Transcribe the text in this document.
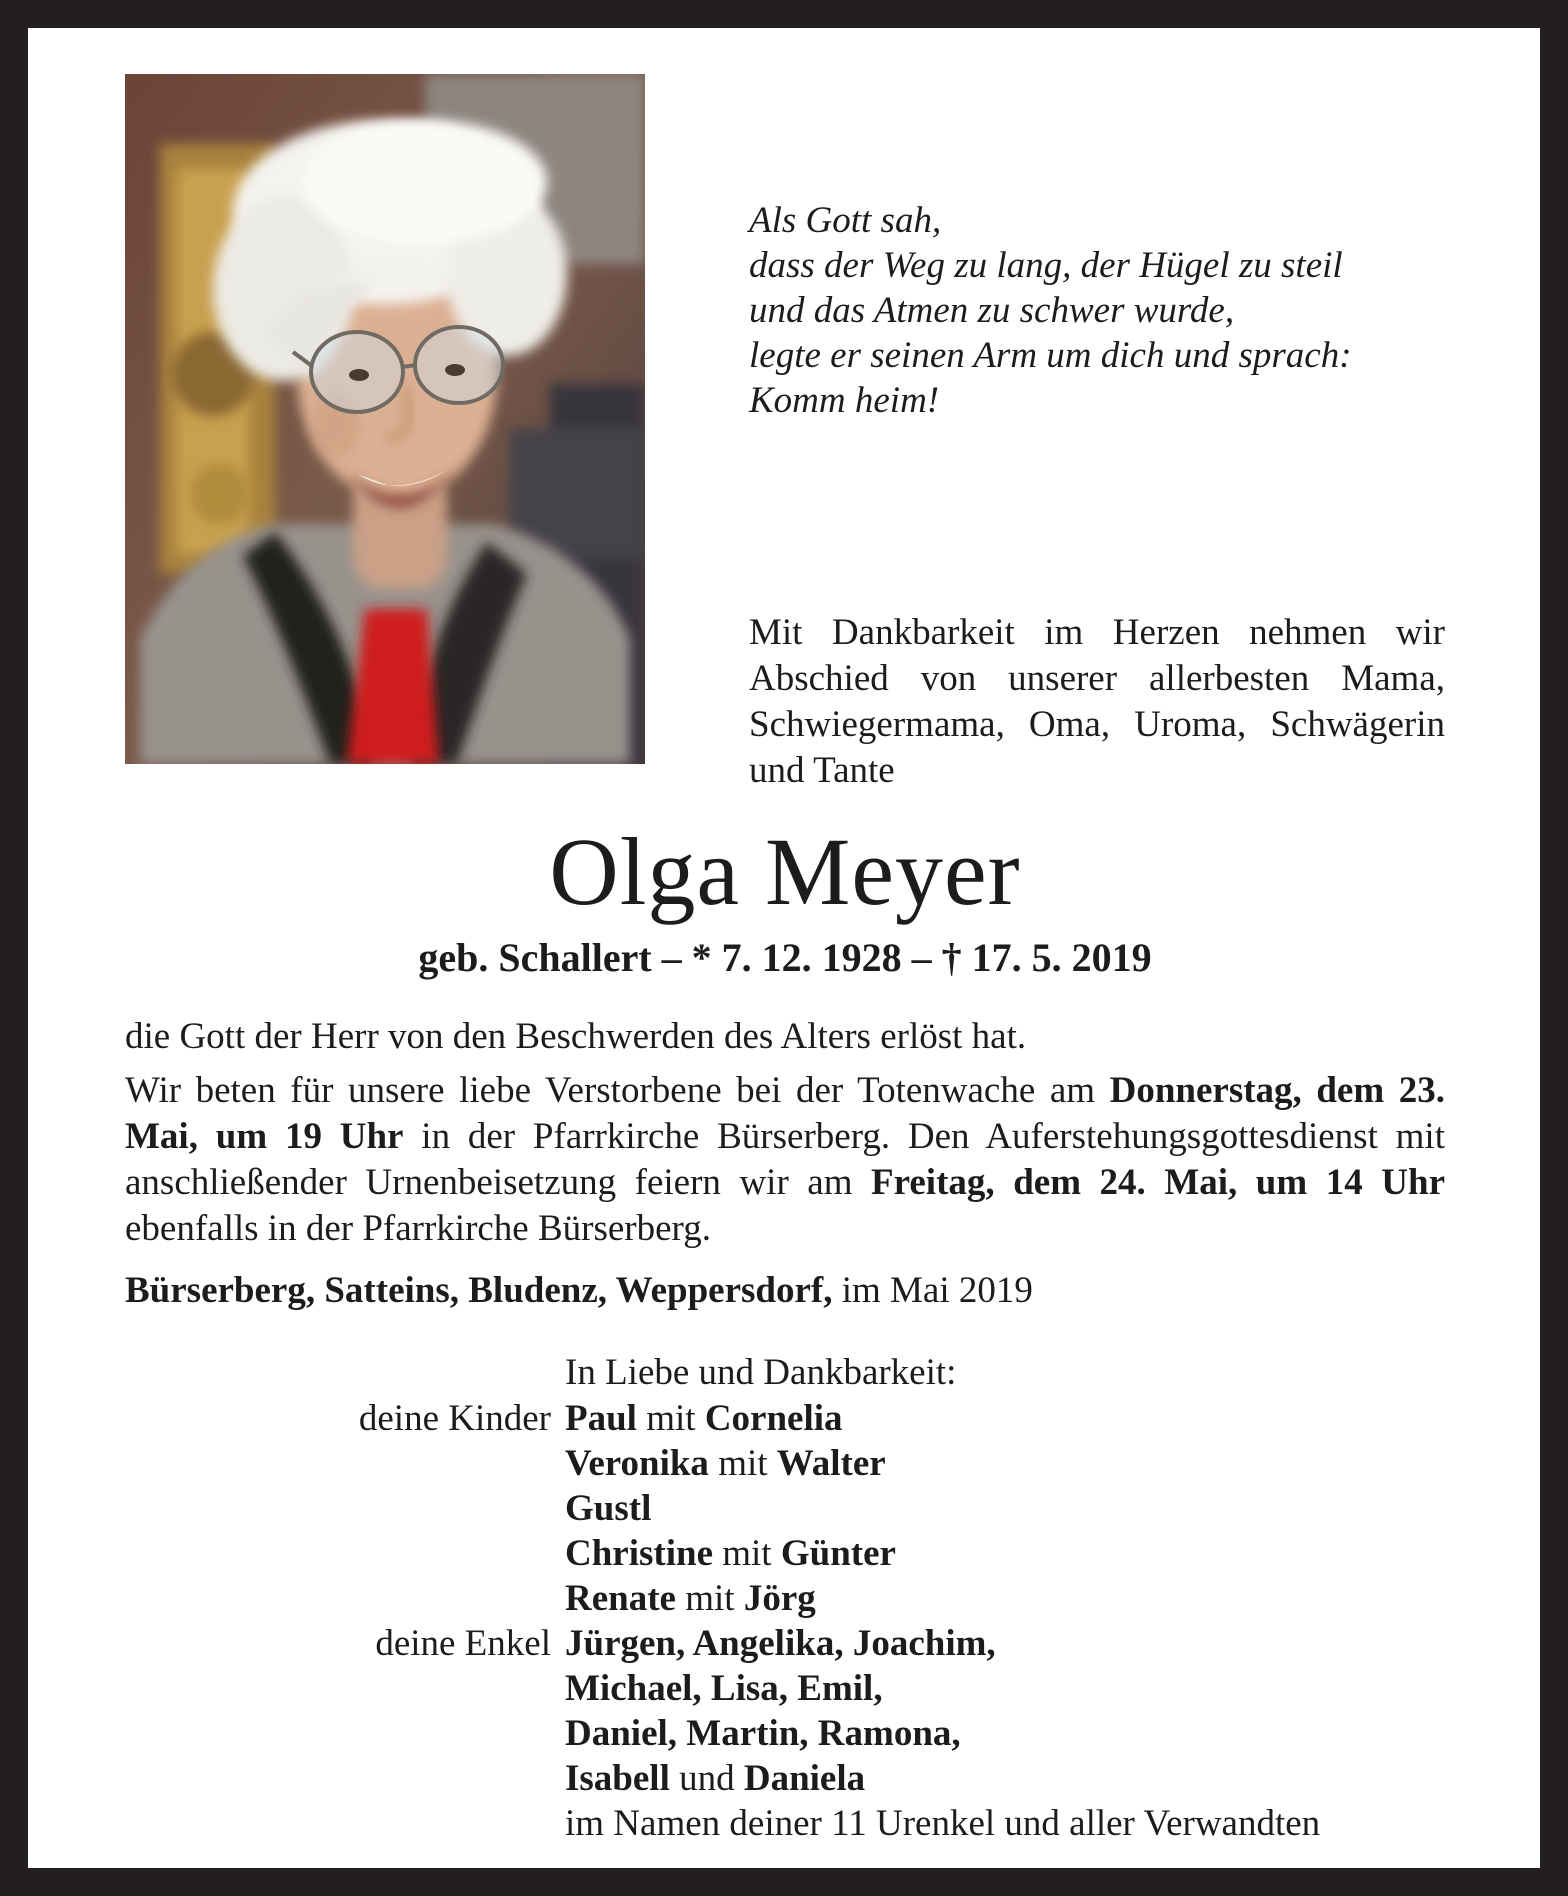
Als Gott sah,
dass der Weg zu lang, der Hügel zu steil
und das Atmen zu schwer wurde,
legte er seinen Arm um dich und sprach:
Komm heim!

Mit Dankbarkeit im Herzen nehmen wir Abschied von unserer allerbesten Mama, Schwiegermama, Oma, Uroma, Schwägerin und Tante

Olga Meyer
geb. Schallert – * 7. 12. 1928 – † 17. 5. 2019

die Gott der Herr von den Beschwerden des Alters erlöst hat.

Wir beten für unsere liebe Verstorbene bei der Totenwache am Donnerstag, dem 23. Mai, um 19 Uhr in der Pfarrkirche Bürserberg. Den Auferstehungsgottesdienst mit anschließender Urnenbeisetzung feiern wir am Freitag, dem 24. Mai, um 14 Uhr ebenfalls in der Pfarrkirche Bürserberg.

Bürserberg, Satteins, Bludenz, Weppersdorf, im Mai 2019

In Liebe und Dankbarkeit:
deine Kinder Paul mit Cornelia
Veronika mit Walter
Gustl
Christine mit Günter
Renate mit Jörg
deine Enkel Jürgen, Angelika, Joachim,
Michael, Lisa, Emil,
Daniel, Martin, Ramona,
Isabell und Daniela
im Namen deiner 11 Urenkel und aller Verwandten
